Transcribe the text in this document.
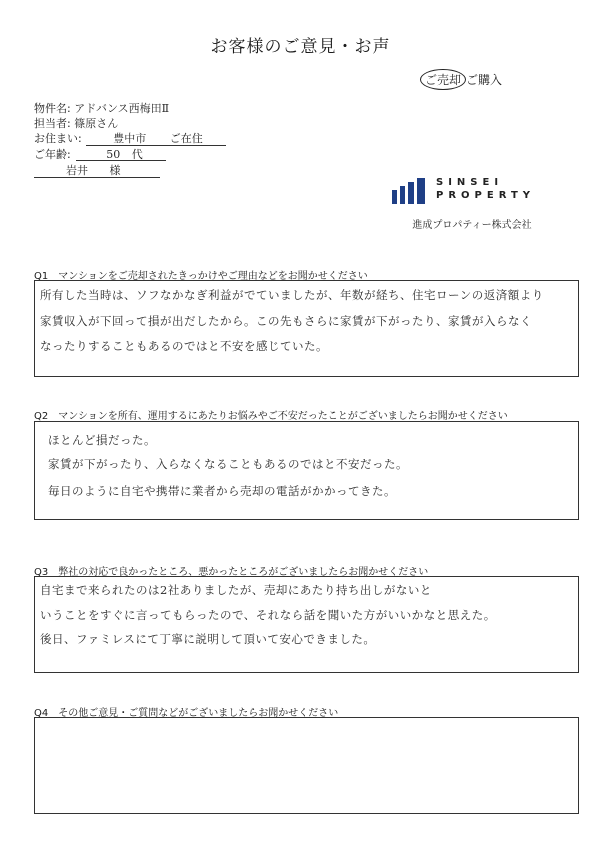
お客様のご意見・お声
ご売却 ご購入
物件名: アドバンス西梅田Ⅱ
担当者: 篠原さん
お住まい:	豊中市 ご在住
ご年齢:	50 代
岩井 様
SINSEI
PROPERTY
進成プロパティー株式会社
Q1　マンションをご売却されたきっかけやご理由などをお聞かせください
所有した当時は、ソフなかなぎ利益がでていましたが、年数が経ち、住宅ローンの返済額より
家賃収入が下回って損が出だしたから。この先もさらに家賃が下がったり、家賃が入らなく
なったりすることもあるのではと不安を感じていた。
Q2　マンションを所有、運用するにあたりお悩みやご不安だったことがございましたらお聞かせください
ほとんど損だった。
家賃が下がったり、入らなくなることもあるのではと不安だった。
毎日のように自宅や携帯に業者から売却の電話がかかってきた。
Q3　弊社の対応で良かったところ、悪かったところがございましたらお聞かせください
自宅まで来られたのは2社ありましたが、売却にあたり持ち出しがないと
いうことをすぐに言ってもらったので、それなら話を聞いた方がいいかなと思えた。
後日、ファミレスにて丁寧に説明して頂いて安心できました。
Q4　その他ご意見・ご質問などがございましたらお聞かせください
